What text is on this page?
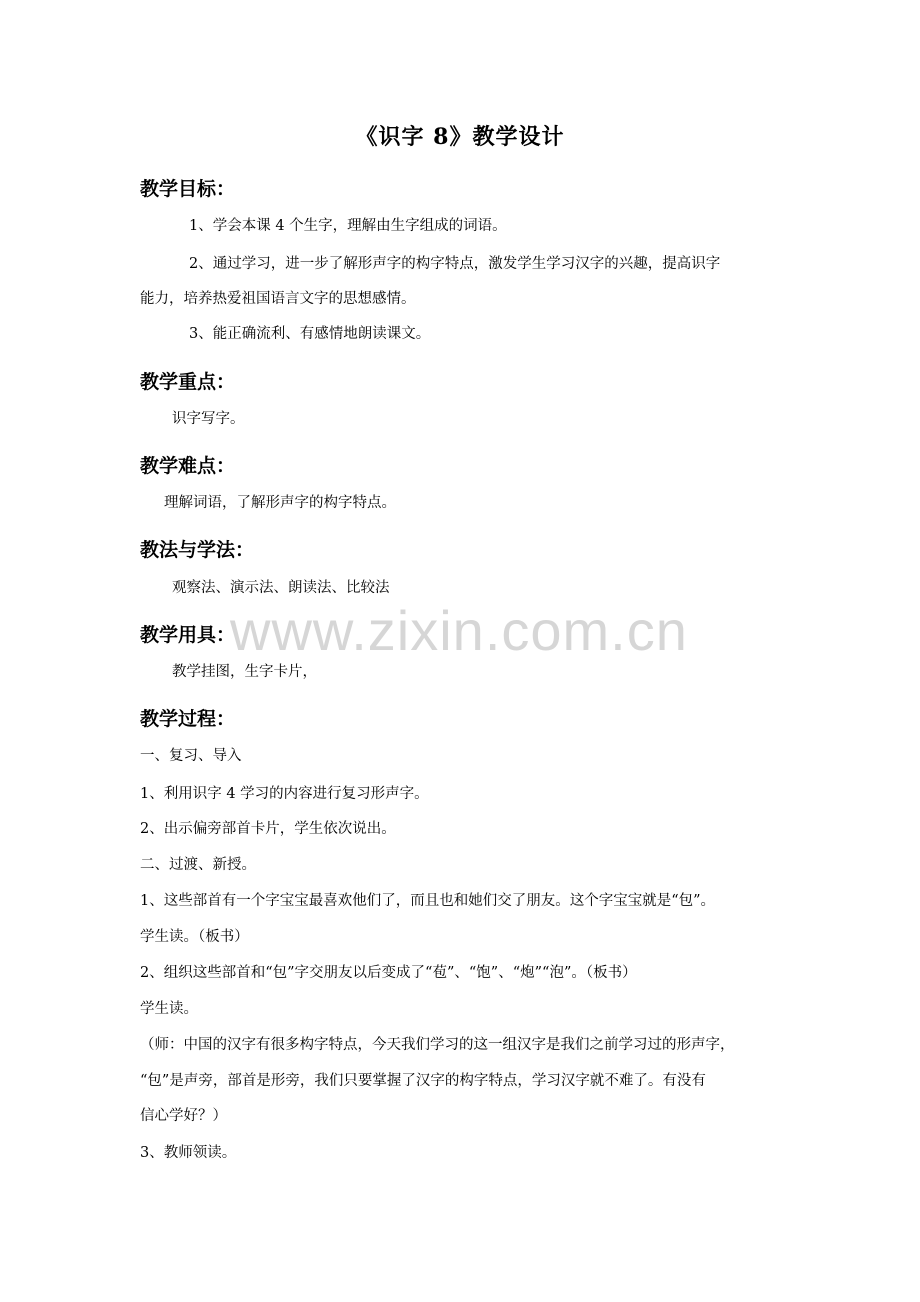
《识字 8》教学设计
教学目标：
1、学会本课 4 个生字，理解由生字组成的词语。
2、通过学习，进一步了解形声字的构字特点，激发学生学习汉字的兴趣，提高识字
能力，培养热爱祖国语言文字的思想感情。
3、能正确流利、有感情地朗读课文。
教学重点：
识字写字。
教学难点：
理解词语，了解形声字的构字特点。
教法与学法：
观察法、演示法、朗读法、比较法
www.zixin.com.cn
教学用具：
教学挂图，生字卡片，
教学过程：
一、复习、导入
1、利用识字 4 学习的内容进行复习形声字。
2、出示偏旁部首卡片，学生依次说出。
二、过渡、新授。
1、这些部首有一个字宝宝最喜欢他们了，而且也和她们交了朋友。这个字宝宝就是“包”。
学生读。（板书）
2、组织这些部首和“包”字交朋友以后变成了“苞”、“饱”、“炮”“泡”。（板书）
学生读。
（师：中国的汉字有很多构字特点，今天我们学习的这一组汉字是我们之前学习过的形声字，
“包”是声旁，部首是形旁，我们只要掌握了汉字的构字特点，学习汉字就不难了。有没有
信心学好？）
3、教师领读。
